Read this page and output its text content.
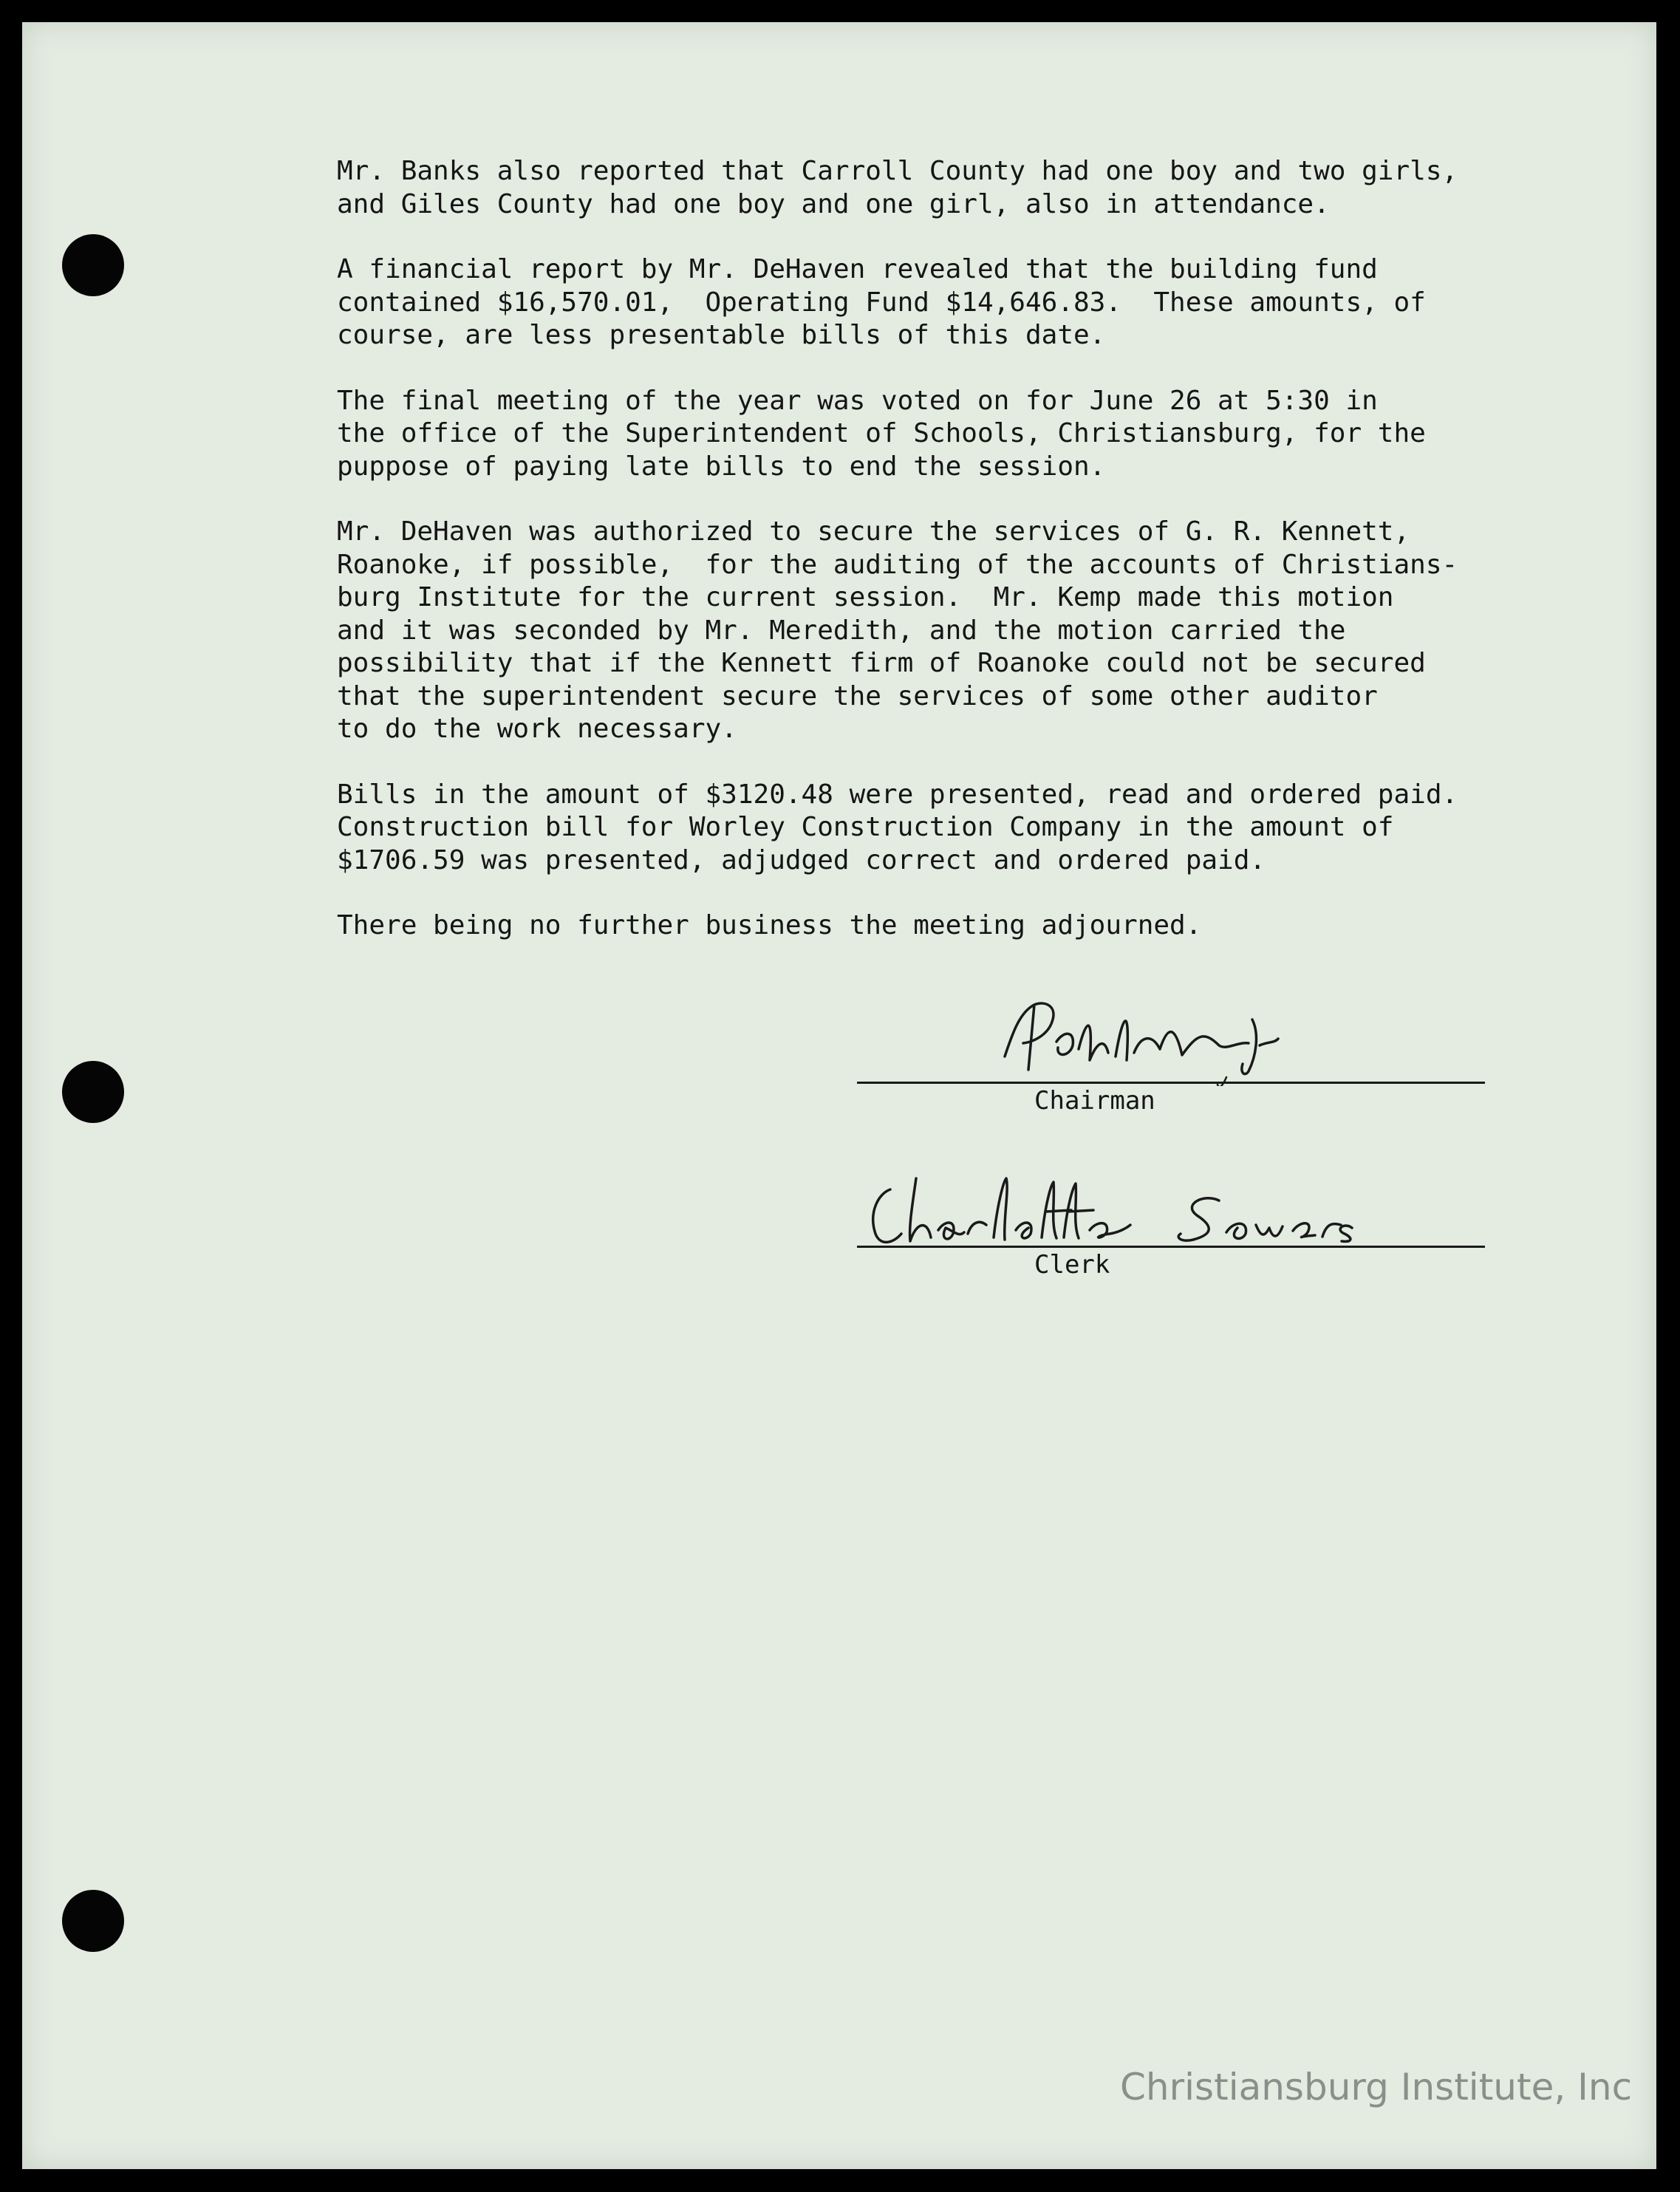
Mr. Banks also reported that Carroll County had one boy and two girls,
and Giles County had one boy and one girl, also in attendance.
A financial report by Mr. DeHaven revealed that the building fund
contained $16,570.01,  Operating Fund $14,646.83.  These amounts, of
course, are less presentable bills of this date.
The final meeting of the year was voted on for June 26 at 5:30 in
the office of the Superintendent of Schools, Christiansburg, for the
puppose of paying late bills to end the session.
Mr. DeHaven was authorized to secure the services of G. R. Kennett,
Roanoke, if possible,  for the auditing of the accounts of Christians-
burg Institute for the current session.  Mr. Kemp made this motion
and it was seconded by Mr. Meredith, and the motion carried the
possibility that if the Kennett firm of Roanoke could not be secured
that the superintendent secure the services of some other auditor
to do the work necessary.
Bills in the amount of $3120.48 were presented, read and ordered paid.
Construction bill for Worley Construction Company in the amount of
$1706.59 was presented, adjudged correct and ordered paid.
There being no further business the meeting adjourned.
Chairman
Clerk
Christiansburg Institute, Inc
